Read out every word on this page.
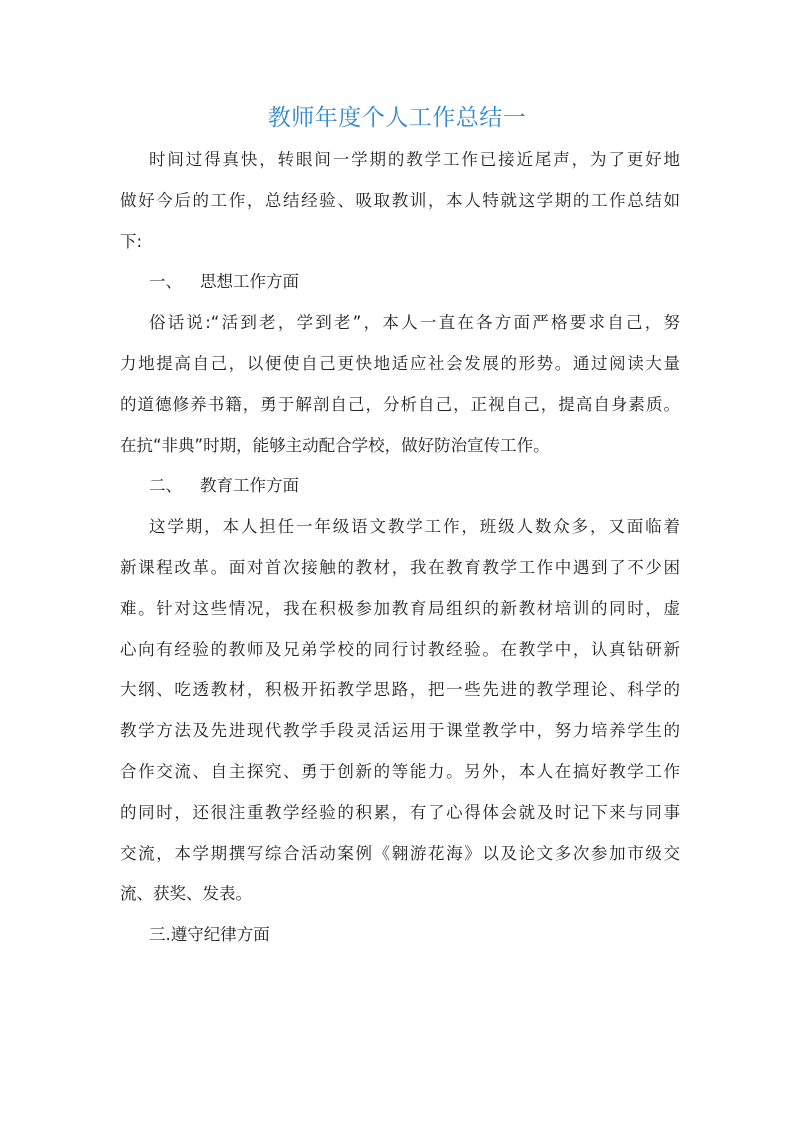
教师年度个人工作总结一
时间过得真快，转眼间一学期的教学工作已接近尾声，为了更好地
做好今后的工作，总结经验、吸取教训，本人特就这学期的工作总结如
下:
一、 思想工作方面
俗话说:“活到老，学到老”，本人一直在各方面严格要求自己，努
力地提高自己，以便使自己更快地适应社会发展的形势。通过阅读大量
的道德修养书籍，勇于解剖自己，分析自己，正视自己，提高自身素质。
在抗“非典”时期，能够主动配合学校，做好防治宣传工作。
二、 教育工作方面
这学期，本人担任一年级语文教学工作，班级人数众多，又面临着
新课程改革。面对首次接触的教材，我在教育教学工作中遇到了不少困
难。针对这些情况，我在积极参加教育局组织的新教材培训的同时，虚
心向有经验的教师及兄弟学校的同行讨教经验。在教学中，认真钻研新
大纲、吃透教材，积极开拓教学思路，把一些先进的教学理论、科学的
教学方法及先进现代教学手段灵活运用于课堂教学中，努力培养学生的
合作交流、自主探究、勇于创新的等能力。另外，本人在搞好教学工作
的同时，还很注重教学经验的积累，有了心得体会就及时记下来与同事
交流，本学期撰写综合活动案例《翱游花海》以及论文多次参加市级交
流、获奖、发表。
三.遵守纪律方面
